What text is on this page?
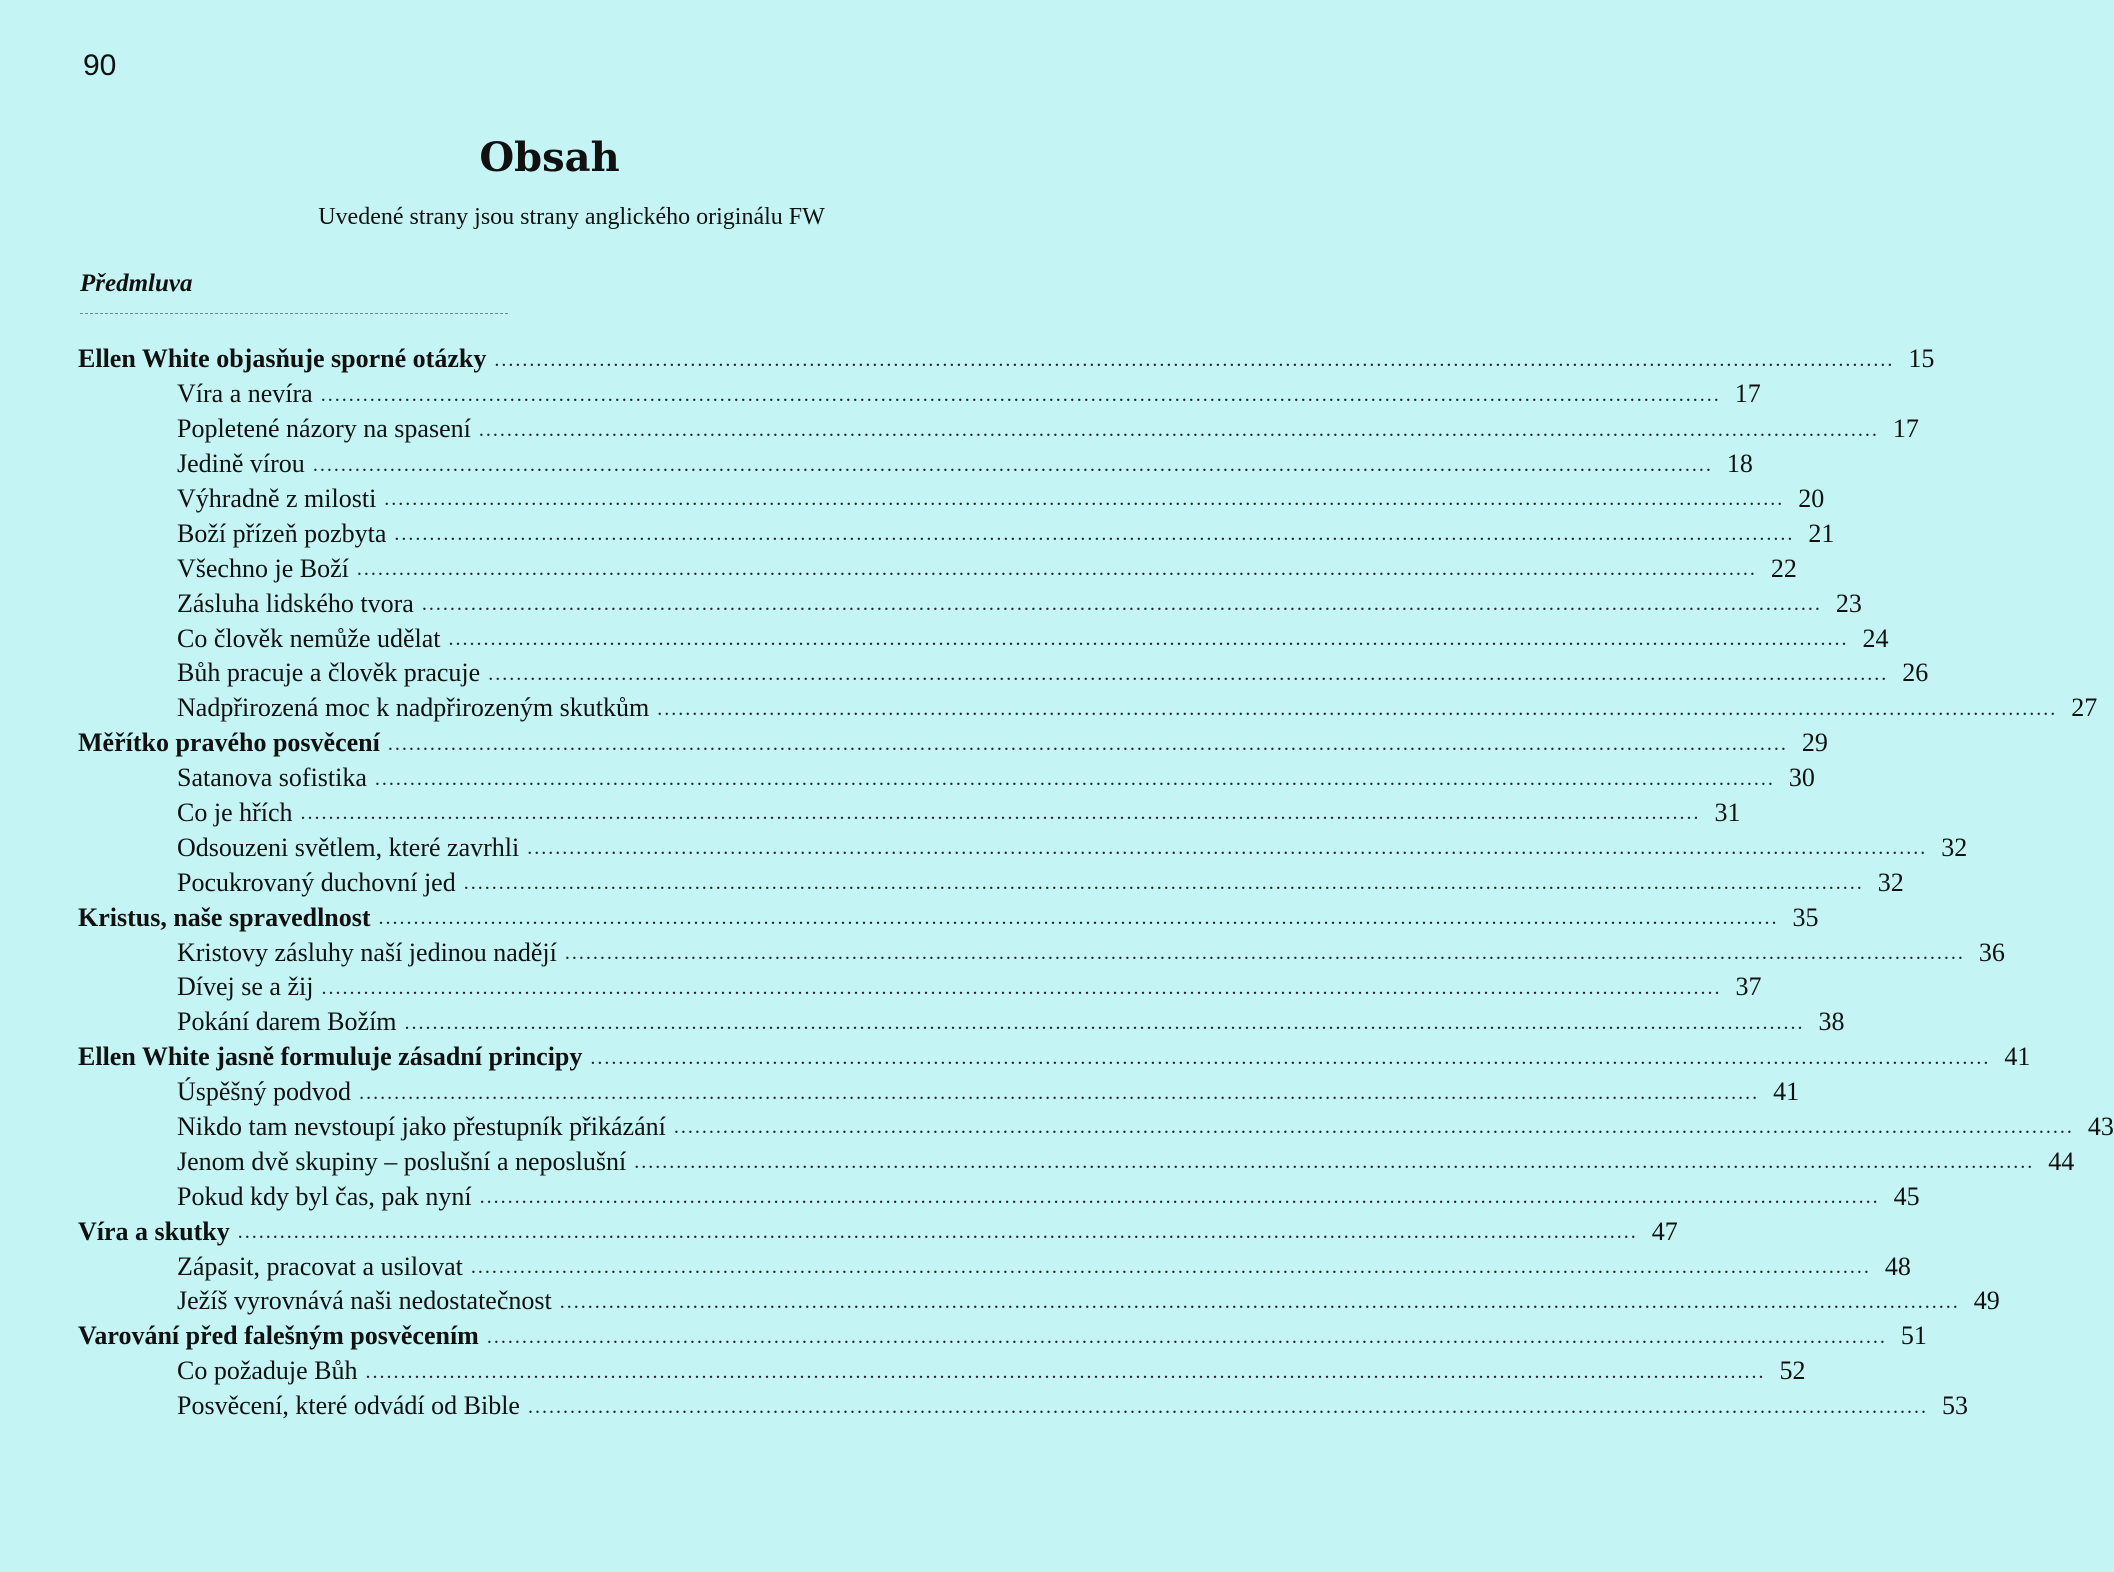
90
Obsah
Uvedené strany jsou strany anglického originálu FW
Předmluva
Ellen White objasňuje sporné otázky .....	15
Víra a nevíra .....	17
Popletené názory na spasení .....	17
Jedině vírou .....	18
Výhradně z milosti .....	20
Boží přízeň pozbyta .....	21
Všechno je Boží .....	22
Zásluha lidského tvora .....	23
Co člověk nemůže udělat .....	24
Bůh pracuje a člověk pracuje .....	26
Nadpřirozená moc k nadpřirozeným skutkům .....	27
Měřítko pravého posvěcení .....	29
Satanova sofistika .....	30
Co je hřích .....	31
Odsouzeni světlem, které zavrhli .....	32
Pocukrovaný duchovní jed .....	32
Kristus, naše spravedlnost .....	35
Kristovy zásluhy naší jedinou nadějí .....	36
Dívej se a žij .....	37
Pokání darem Božím .....	38
Ellen White jasně formuluje zásadní principy .....	41
Úspěšný podvod .....	41
Nikdo tam nevstoupí jako přestupník přikázání .....	43
Jenom dvě skupiny – poslušní a neposlušní .....	44
Pokud kdy byl čas, pak nyní .....	45
Víra a skutky .....	47
Zápasit, pracovat a usilovat .....	48
Ježíš vyrovnává naši nedostatečnost .....	49
Varování před falešným posvěcením .....	51
Co požaduje Bůh .....	52
Posvěcení, které odvádí od Bible .....	53
